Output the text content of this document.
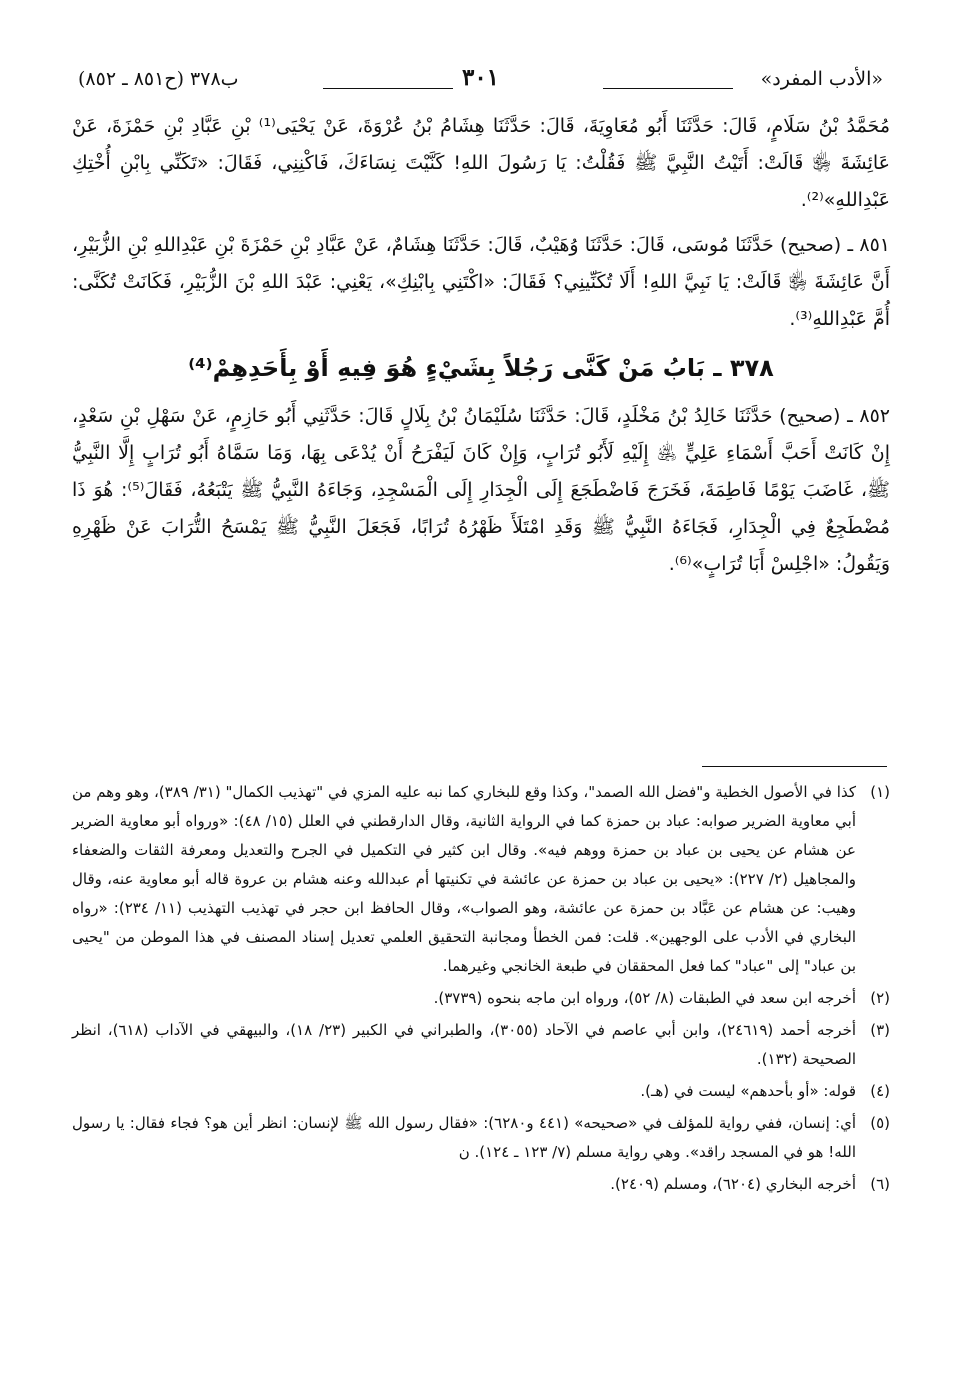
«الأدب المفرد»
٣٠١
ب٣٧٨ (ح٨٥١ ـ ٨٥٢)

مُحَمَّدُ بْنُ سَلَامٍ، قَالَ: حَدَّثَنَا أَبُو مُعَاوِيَةَ، قَالَ: حَدَّثَنَا هِشَامُ بْنُ عُرْوَةَ، عَنْ يَحْيَى⁽¹⁾ بْنِ عَبَّادِ بْنِ حَمْزَةَ، عَنْ عَائِشَةَ ﵂ قَالَتْ: أَتَيْتُ النَّبِيَّ ﷺ فَقُلْتُ: يَا رَسُولَ اللهِ! كَنَّيْتَ نِسَاءَكَ، فَاكْنِنِي، فَقَالَ: «تَكَنِّي بِابْنِ أُخْتِكِ عَبْدِاللهِ»⁽²⁾.

٨٥١ ـ (صحيح) حَدَّثَنَا مُوسَى، قَالَ: حَدَّثَنَا وُهَيْبٌ، قَالَ: حَدَّثَنَا هِشَامٌ، عَنْ عَبَّادِ بْنِ حَمْزَةَ بْنِ عَبْدِاللهِ بْنِ الزُّبَيْرِ، أَنَّ عَائِشَةَ ﵂ قَالَتْ: يَا نَبِيَّ اللهِ! أَلَا تُكَنِّينِي؟ فَقَالَ: «اكْتَنِي بِابْنِكِ»، يَعْنِي: عَبْدَ اللهِ بْنَ الزُّبَيْرِ، فَكَانَتْ تُكَنَّى: أُمَّ عَبْدِاللهِ⁽³⁾.

٣٧٨ ـ بَابُ مَنْ كَنَّى رَجُلاً بِشَيْءٍ هُوَ فِيهِ أَوْ بِأَحَدِهِمْ⁽⁴⁾

٨٥٢ ـ (صحيح) حَدَّثَنَا خَالِدُ بْنُ مَخْلَدٍ، قَالَ: حَدَّثَنَا سُلَيْمَانُ بْنُ بِلَالٍ قَالَ: حَدَّثَنِي أَبُو حَازِمٍ، عَنْ سَهْلِ بْنِ سَعْدٍ، إِنْ كَانَتْ أَحَبَّ أَسْمَاءِ عَلِيٍّ ﵁ إِلَيْهِ لَأَبُو تُرَابٍ، وَإِنْ كَانَ لَيَفْرَحُ أَنْ يُدْعَى بِهَا، وَمَا سَمَّاهُ أَبُو تُرَابٍ إِلَّا النَّبِيُّ ﷺ، غَاضَبَ يَوْمًا فَاطِمَةَ، فَخَرَجَ فَاضْطَجَعَ إِلَى الْجِدَارِ إِلَى الْمَسْجِدِ، وَجَاءَهُ النَّبِيُّ ﷺ يَتْبَعُهُ، فَقَالَ⁽⁵⁾: هُوَ ذَا مُضْطَجِعٌ فِي الْجِدَارِ، فَجَاءَهُ النَّبِيُّ ﷺ وَقَدِ امْتَلَأَ ظَهْرُهُ تُرَابًا، فَجَعَلَ النَّبِيُّ ﷺ يَمْسَحُ التُّرَابَ عَنْ ظَهْرِهِ وَيَقُولُ: «اجْلِسْ أَبَا تُرَابٍ»⁽⁶⁾.

(١)
كذا في الأصول الخطية و"فضل الله الصمد"، وكذا وقع للبخاري كما نبه عليه المزي في "تهذيب الكمال" (٣١/ ٣٨٩)، وهو وهم من أبي معاوية الضرير صوابه: عباد بن حمزة كما في الرواية الثانية، وقال الدارقطني في العلل (١٥/ ٤٨): «ورواه أبو معاوية الضرير عن هشام عن يحيى بن عباد بن حمزة ووهم فيه». وقال ابن كثير في التكميل في الجرح والتعديل ومعرفة الثقات والضعفاء والمجاهيل (٢/ ٢٢٧): «يحيى بن عباد بن حمزة عن عائشة في تكنيتها أم عبدالله وعنه هشام بن عروة قاله أبو معاوية عنه، وقال وهيب: عن هشام عن عَبَّاد بن حمزة عن عائشة، وهو الصواب»، وقال الحافظ ابن حجر في تهذيب التهذيب (١١/ ٢٣٤): «رواه البخاري في الأدب على الوجهين». قلت: فمن الخطأ ومجانبة التحقيق العلمي تعديل إسناد المصنف في هذا الموطن من "يحيى بن عباد" إلى "عباد" كما فعل المحققان في طبعة الخانجي وغيرهما.
(٢)
أخرجه ابن سعد في الطبقات (٨/ ٥٢)، ورواه ابن ماجه بنحوه (٣٧٣٩).
(٣)
أخرجه أحمد (٢٤٦١٩)، وابن أبي عاصم في الآحاد (٣٠٥٥)، والطبراني في الكبير (٢٣/ ١٨)، والبيهقي في الآداب (٦١٨)، انظر الصحيحة (١٣٢).
(٤)
قوله: «أو بأحدهم» ليست في (هـ).
(٥)
أي: إنسان، ففي رواية للمؤلف في «صحيحه» (٤٤١ و٦٢٨٠): «فقال رسول الله ﷺ لإنسان: انظر أين هو؟ فجاء فقال: يا رسول الله! هو في المسجد راقد». وهي رواية مسلم (٧/ ١٢٣ ـ ١٢٤). ن
(٦)
أخرجه البخاري (٦٢٠٤)، ومسلم (٢٤٠٩).
